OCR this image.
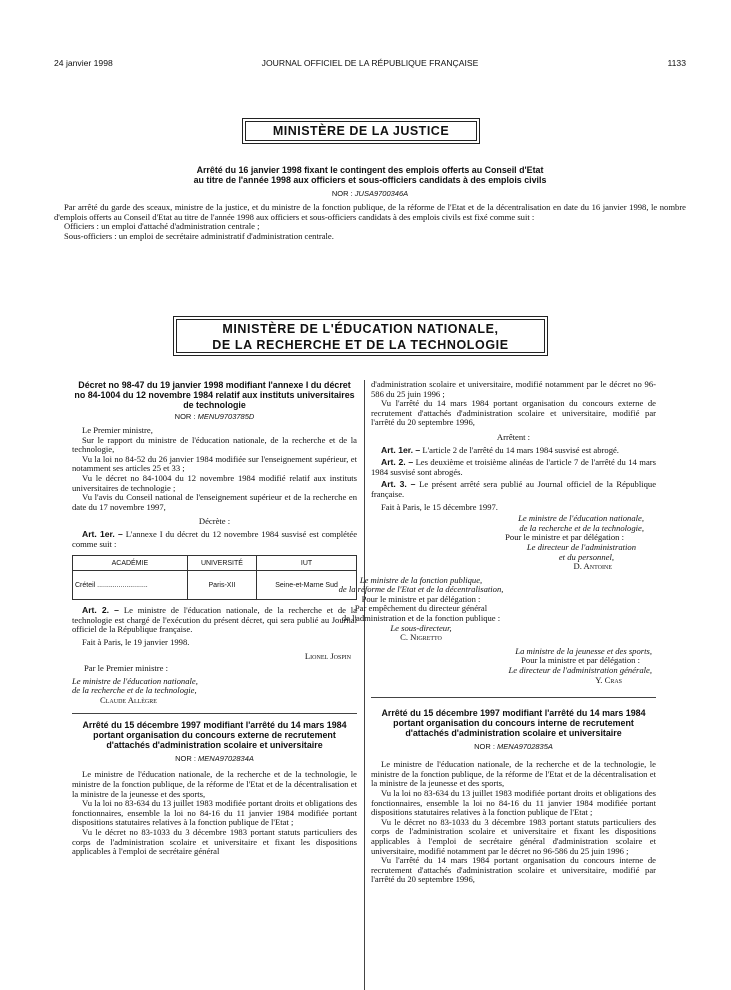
24 janvier 1998	JOURNAL OFFICIEL DE LA RÉPUBLIQUE FRANÇAISE	1133
MINISTÈRE DE LA JUSTICE
Arrêté du 16 janvier 1998 fixant le contingent des emplois offerts au Conseil d'Etat
au titre de l'année 1998 aux officiers et sous-officiers candidats à des emplois civils
NOR : JUSA9700346A

Par arrêté du garde des sceaux, ministre de la justice, et du ministre de la fonction publique, de la réforme de l'Etat et de la décentralisation en date du 16 janvier 1998, le nombre d'emplois offerts au Conseil d'Etat au titre de l'année 1998 aux officiers et sous-officiers candidats à des emplois civils est fixé comme suit :

Officiers : un emploi d'attaché d'administration centrale ;

Sous-officiers : un emploi de secrétaire administratif d'administration centrale.

MINISTÈRE DE L'ÉDUCATION NATIONALE,
DE LA RECHERCHE ET DE LA TECHNOLOGIE
Décret no 98-47 du 19 janvier 1998 modifiant l'annexe I du décret no 84-1004 du 12 novembre 1984 relatif aux instituts universitaires de technologie
NOR : MENU9703785D

Le Premier ministre,

Sur le rapport du ministre de l'éducation nationale, de la recherche et de la technologie,

Vu la loi no 84-52 du 26 janvier 1984 modifiée sur l'enseignement supérieur, et notamment ses articles 25 et 33 ;

Vu le décret no 84-1004 du 12 novembre 1984 modifié relatif aux instituts universitaires de technologie ;

Vu l'avis du Conseil national de l'enseignement supérieur et de la recherche en date du 17 novembre 1997,

Décrète :

Art. 1er. – L'annexe I du décret du 12 novembre 1984 susvisé est complétée comme suit :

ACADÉMIE	UNIVERSITÉ	IUT
Créteil ..........................	Paris-XII	Seine-et-Marne Sud

Art. 2. – Le ministre de l'éducation nationale, de la recherche et de la technologie est chargé de l'exécution du présent décret, qui sera publié au Journal officiel de la République française.

Fait à Paris, le 19 janvier 1998.

Lionel Jospin

Par le Premier ministre :

Le ministre de l'éducation nationale,

de la recherche et de la technologie,

Claude Allègre

Arrêté du 15 décembre 1997 modifiant l'arrêté du 14 mars 1984 portant organisation du concours externe de recrutement d'attachés d'administration scolaire et universitaire
NOR : MENA9702834A

Le ministre de l'éducation nationale, de la recherche et de la technologie, le ministre de la fonction publique, de la réforme de l'Etat et de la décentralisation et la ministre de la jeunesse et des sports,

Vu la loi no 83-634 du 13 juillet 1983 modifiée portant droits et obligations des fonctionnaires, ensemble la loi no 84-16 du 11 janvier 1984 modifiée portant dispositions statutaires relatives à la fonction publique de l'Etat ;

Vu le décret no 83-1033 du 3 décembre 1983 portant statuts particuliers des corps de l'administration scolaire et universitaire et fixant les dispositions applicables à l'emploi de secrétaire général

d'administration scolaire et universitaire, modifié notamment par le décret no 96-586 du 25 juin 1996 ;

Vu l'arrêté du 14 mars 1984 portant organisation du concours externe de recrutement d'attachés d'administration scolaire et universitaire, modifié par l'arrêté du 20 septembre 1996,

Arrêtent :

Art. 1er. – L'article 2 de l'arrêté du 14 mars 1984 susvisé est abrogé.

Art. 2. – Les deuxième et troisième alinéas de l'article 7 de l'arrêté du 14 mars 1984 susvisé sont abrogés.

Art. 3. – Le présent arrêté sera publié au Journal officiel de la République française.

Fait à Paris, le 15 décembre 1997.

Le ministre de l'éducation nationale,

de la recherche et de la technologie,

Pour le ministre et par délégation :

Le directeur de l'administration

et du personnel,

D. Antoine

Le ministre de la fonction publique,

de la réforme de l'Etat et de la décentralisation,

Pour le ministre et par délégation :

Par empêchement du directeur général

de l'administration et de la fonction publique :

Le sous-directeur,

C. Nigretto

La ministre de la jeunesse et des sports,

Pour la ministre et par délégation :

Le directeur de l'administration générale,

Y. Cras

Arrêté du 15 décembre 1997 modifiant l'arrêté du 14 mars 1984 portant organisation du concours interne de recrutement d'attachés d'administration scolaire et universitaire
NOR : MENA9702835A

Le ministre de l'éducation nationale, de la recherche et de la technologie, le ministre de la fonction publique, de la réforme de l'Etat et de la décentralisation et la ministre de la jeunesse et des sports,

Vu la loi no 83-634 du 13 juillet 1983 modifiée portant droits et obligations des fonctionnaires, ensemble la loi no 84-16 du 11 janvier 1984 modifiée portant dispositions statutaires relatives à la fonction publique de l'Etat ;

Vu le décret no 83-1033 du 3 décembre 1983 portant statuts particuliers des corps de l'administration scolaire et universitaire et fixant les dispositions applicables à l'emploi de secrétaire général d'administration scolaire et universitaire, modifié notamment par le décret no 96-586 du 25 juin 1996 ;

Vu l'arrêté du 14 mars 1984 portant organisation du concours interne de recrutement d'attachés d'administration scolaire et universitaire, modifié par l'arrêté du 20 septembre 1996,
